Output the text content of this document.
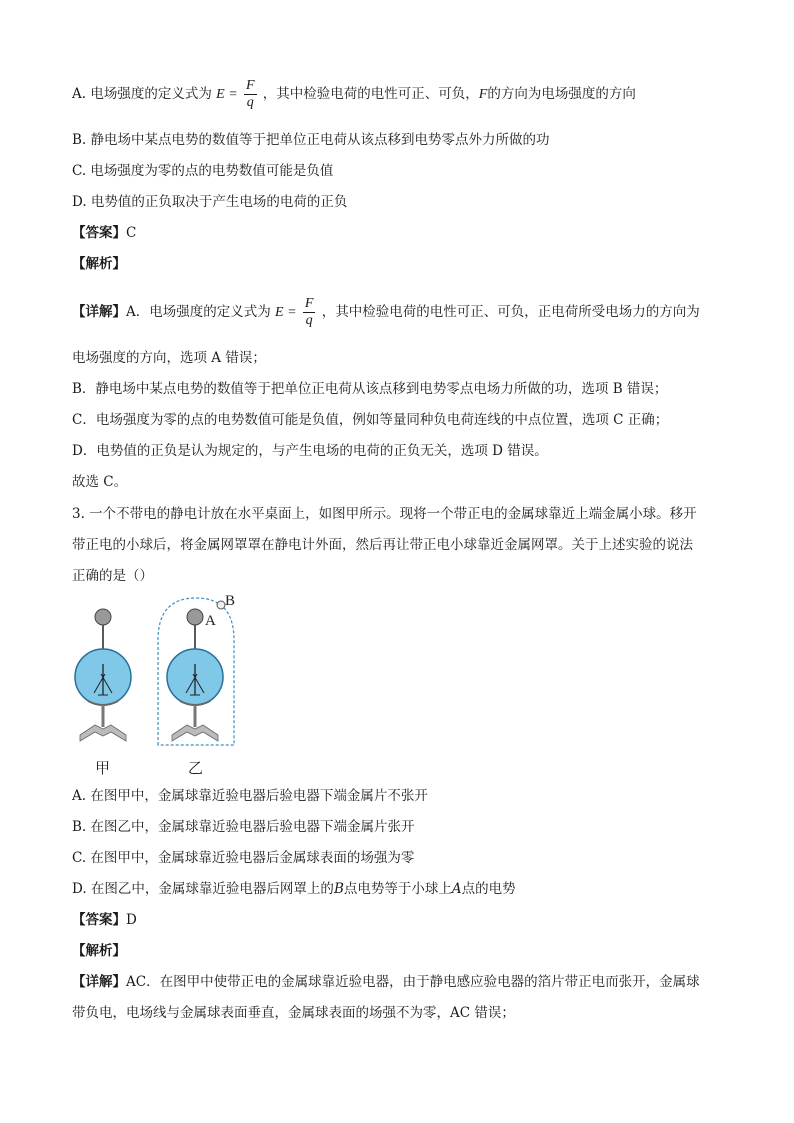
A. 电场强度的定义式为 $E = \frac{F}{q}$ ，其中检验电荷的电性可正、可负，F的方向为电场强度的方向
B. 静电场中某点电势的数值等于把单位正电荷从该点移到电势零点外力所做的功
C. 电场强度为零的点的电势数值可能是负值
D. 电势值的正负取决于产生电场的电荷的正负
【答案】C
【解析】
【详解】A．电场强度的定义式为 $E = \frac{F}{q}$ ，其中检验电荷的电性可正、可负，正电荷所受电场力的方向为
电场强度的方向，选项 A 错误；
B．静电场中某点电势的数值等于把单位正电荷从该点移到电势零点电场力所做的功，选项 B 错误；
C．电场强度为零的点的电势数值可能是负值，例如等量同种负电荷连线的中点位置，选项 C 正确；
D．电势值的正负是认为规定的，与产生电场的电荷的正负无关，选项 D 错误。
故选 C。
3. 一个不带电的静电计放在水平桌面上，如图甲所示。现将一个带正电的金属球靠近上端金属小球。移开
带正电的小球后，将金属网罩罩在静电计外面，然后再让带正电小球靠近金属网罩。关于上述实验的说法
正确的是（）
A
B
甲	乙
A. 在图甲中，金属球靠近验电器后验电器下端金属片不张开
B. 在图乙中，金属球靠近验电器后验电器下端金属片张开
C. 在图甲中，金属球靠近验电器后金属球表面的场强为零
D. 在图乙中，金属球靠近验电器后网罩上的B点电势等于小球上A点的电势
【答案】D
【解析】
【详解】AC．在图甲中使带正电的金属球靠近验电器，由于静电感应验电器的箔片带正电而张开，金属球
带负电，电场线与金属球表面垂直，金属球表面的场强不为零，AC 错误；
